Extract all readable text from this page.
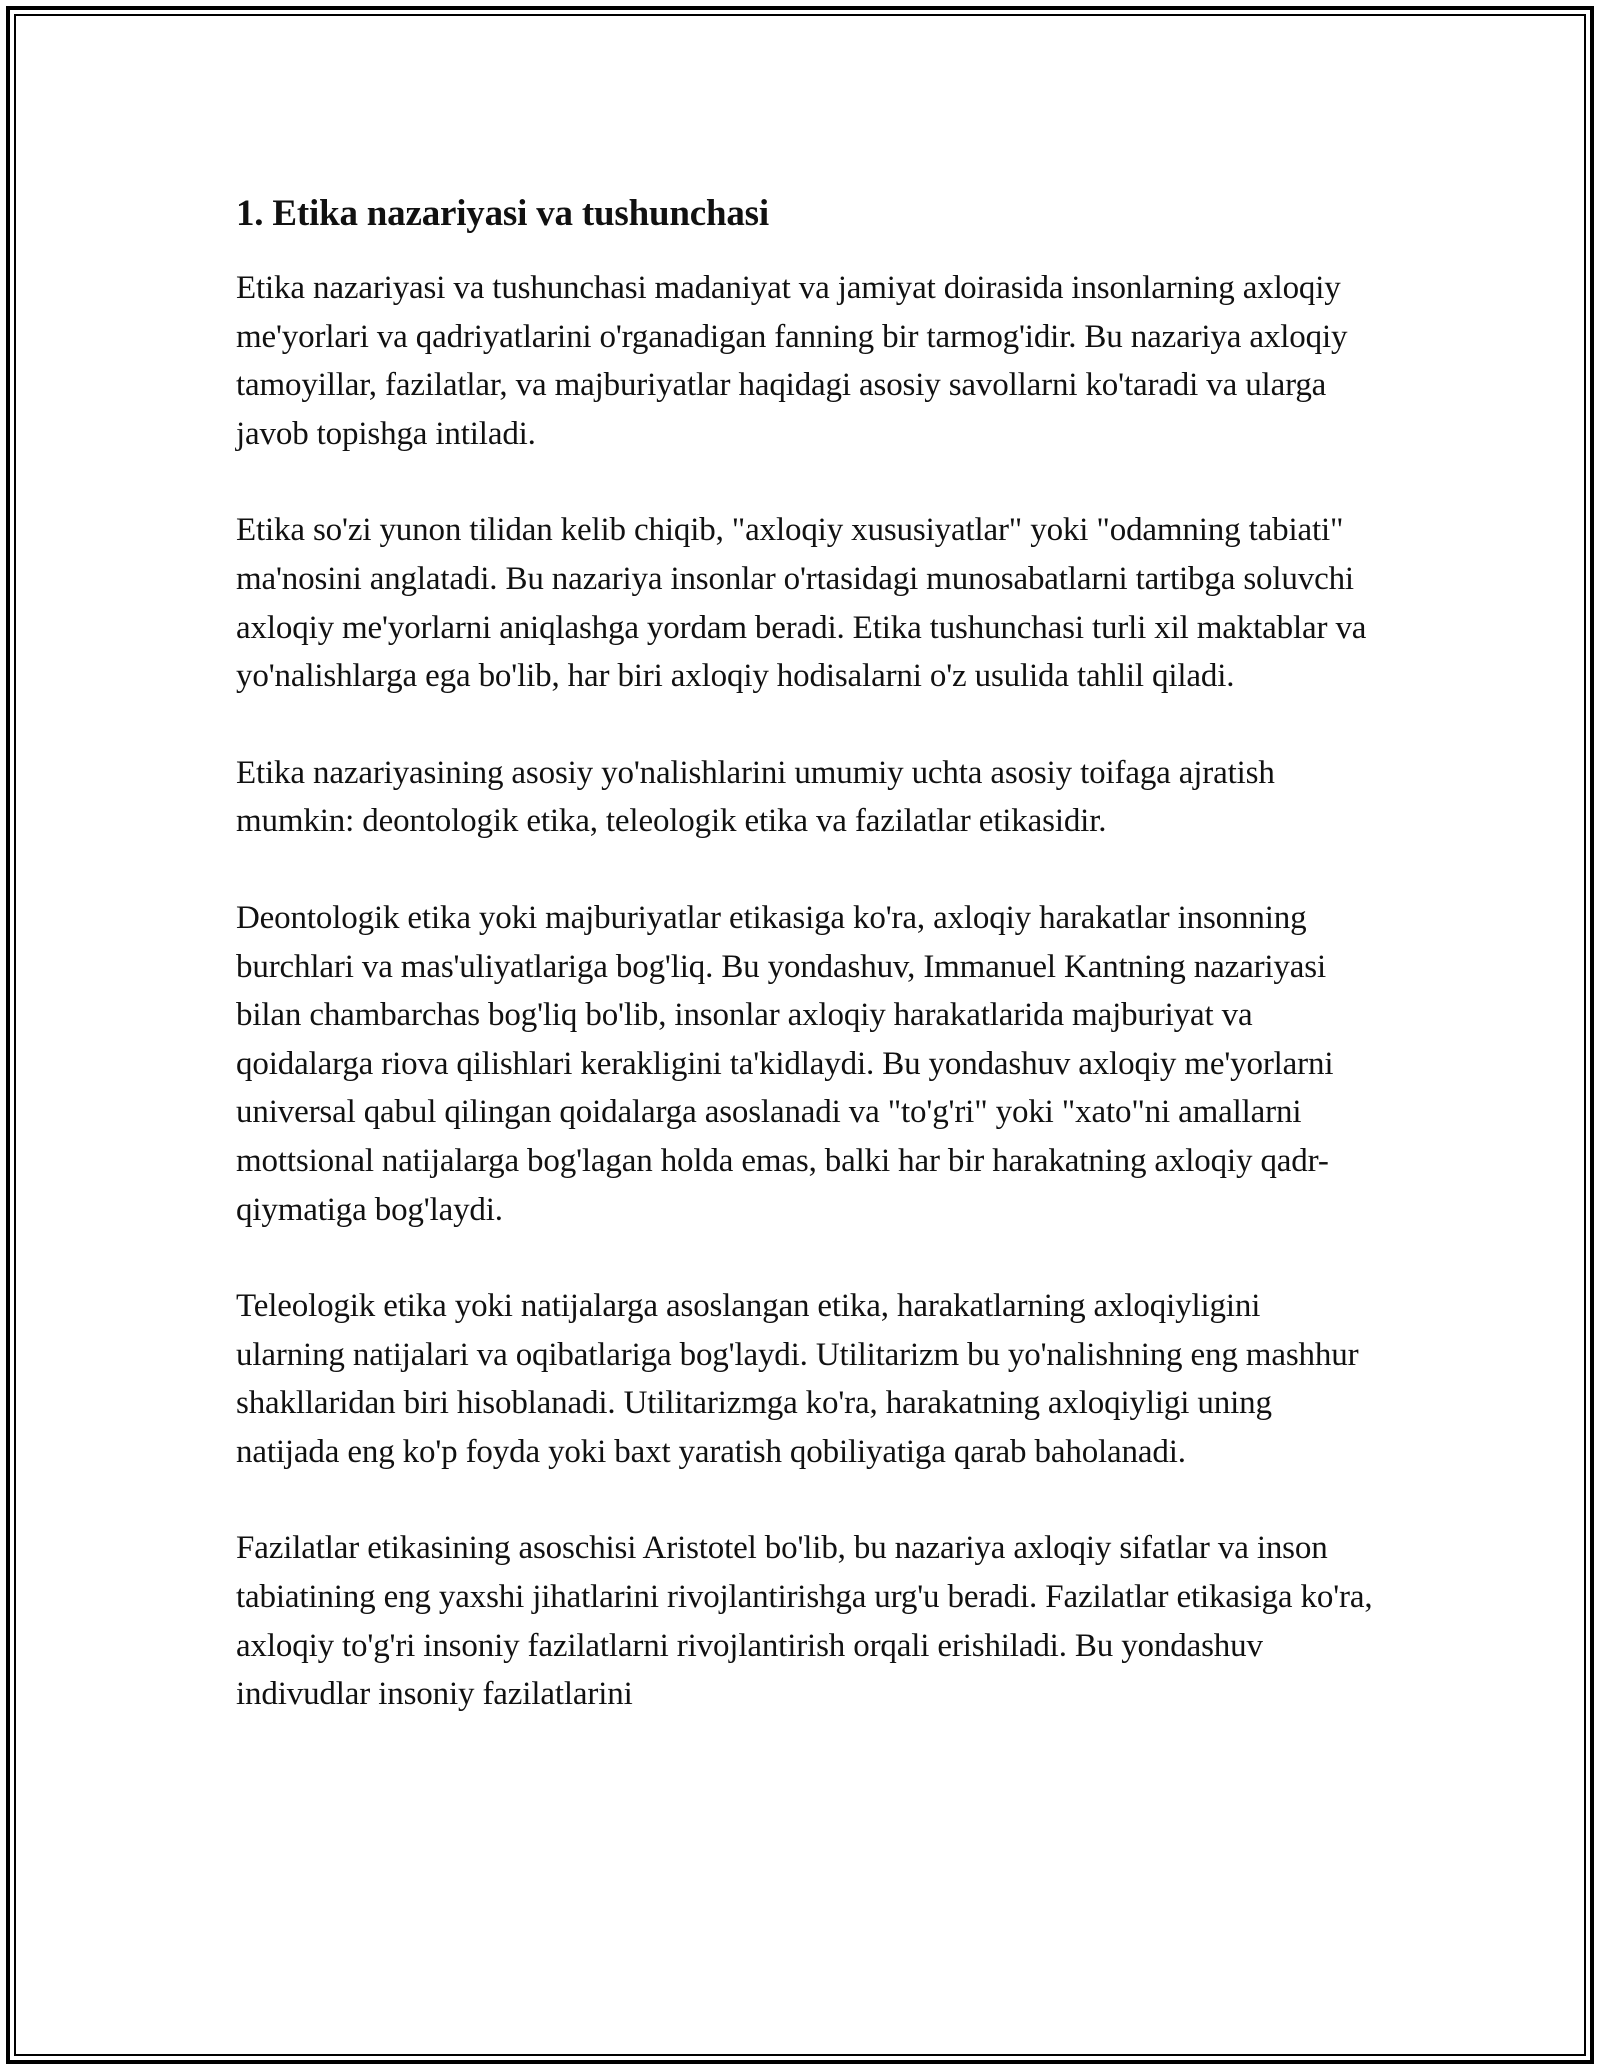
1. Etika nazariyasi va tushunchasi

Etika nazariyasi va tushunchasi madaniyat va jamiyat doirasida insonlarning axloqiy me'yorlari va qadriyatlarini o'rganadigan fanning bir tarmog'idir. Bu nazariya axloqiy tamoyillar, fazilatlar, va majburiyatlar haqidagi asosiy savollarni ko'taradi va ularga javob topishga intiladi.

Etika so'zi yunon tilidan kelib chiqib, "axloqiy xususiyatlar" yoki "odamning tabiati" ma'nosini anglatadi. Bu nazariya insonlar o'rtasidagi munosabatlarni tartibga soluvchi axloqiy me'yorlarni aniqlashga yordam beradi. Etika tushunchasi turli xil maktablar va yo'nalishlarga ega bo'lib, har biri axloqiy hodisalarni o'z usulida tahlil qiladi.

Etika nazariyasining asosiy yo'nalishlarini umumiy uchta asosiy toifaga ajratish mumkin: deontologik etika, teleologik etika va fazilatlar etikasidir.

Deontologik etika yoki majburiyatlar etikasiga ko'ra, axloqiy harakatlar insonning burchlari va mas'uliyatlariga bog'liq. Bu yondashuv, Immanuel Kantning nazariyasi bilan chambarchas bog'liq bo'lib, insonlar axloqiy harakatlarida majburiyat va qoidalarga riova qilishlari kerakligini ta'kidlaydi. Bu yondashuv axloqiy me'yorlarni universal qabul qilingan qoidalarga asoslanadi va "to'g'ri" yoki "xato"ni amallarni mottsional natijalarga bog'lagan holda emas, balki har bir harakatning axloqiy qadr-qiymatiga bog'laydi.

Teleologik etika yoki natijalarga asoslangan etika, harakatlarning axloqiyligini ularning natijalari va oqibatlariga bog'laydi. Utilitarizm bu yo'nalishning eng mashhur shakllaridan biri hisoblanadi. Utilitarizmga ko'ra, harakatning axloqiyligi uning natijada eng ko'p foyda yoki baxt yaratish qobiliyatiga qarab baholanadi.

Fazilatlar etikasining asoschisi Aristotel bo'lib, bu nazariya axloqiy sifatlar va inson tabiatining eng yaxshi jihatlarini rivojlantirishga urg'u beradi. Fazilatlar etikasiga ko'ra, axloqiy to'g'ri insoniy fazilatlarni rivojlantirish orqali erishiladi. Bu yondashuv indivudlar insoniy fazilatlarini
